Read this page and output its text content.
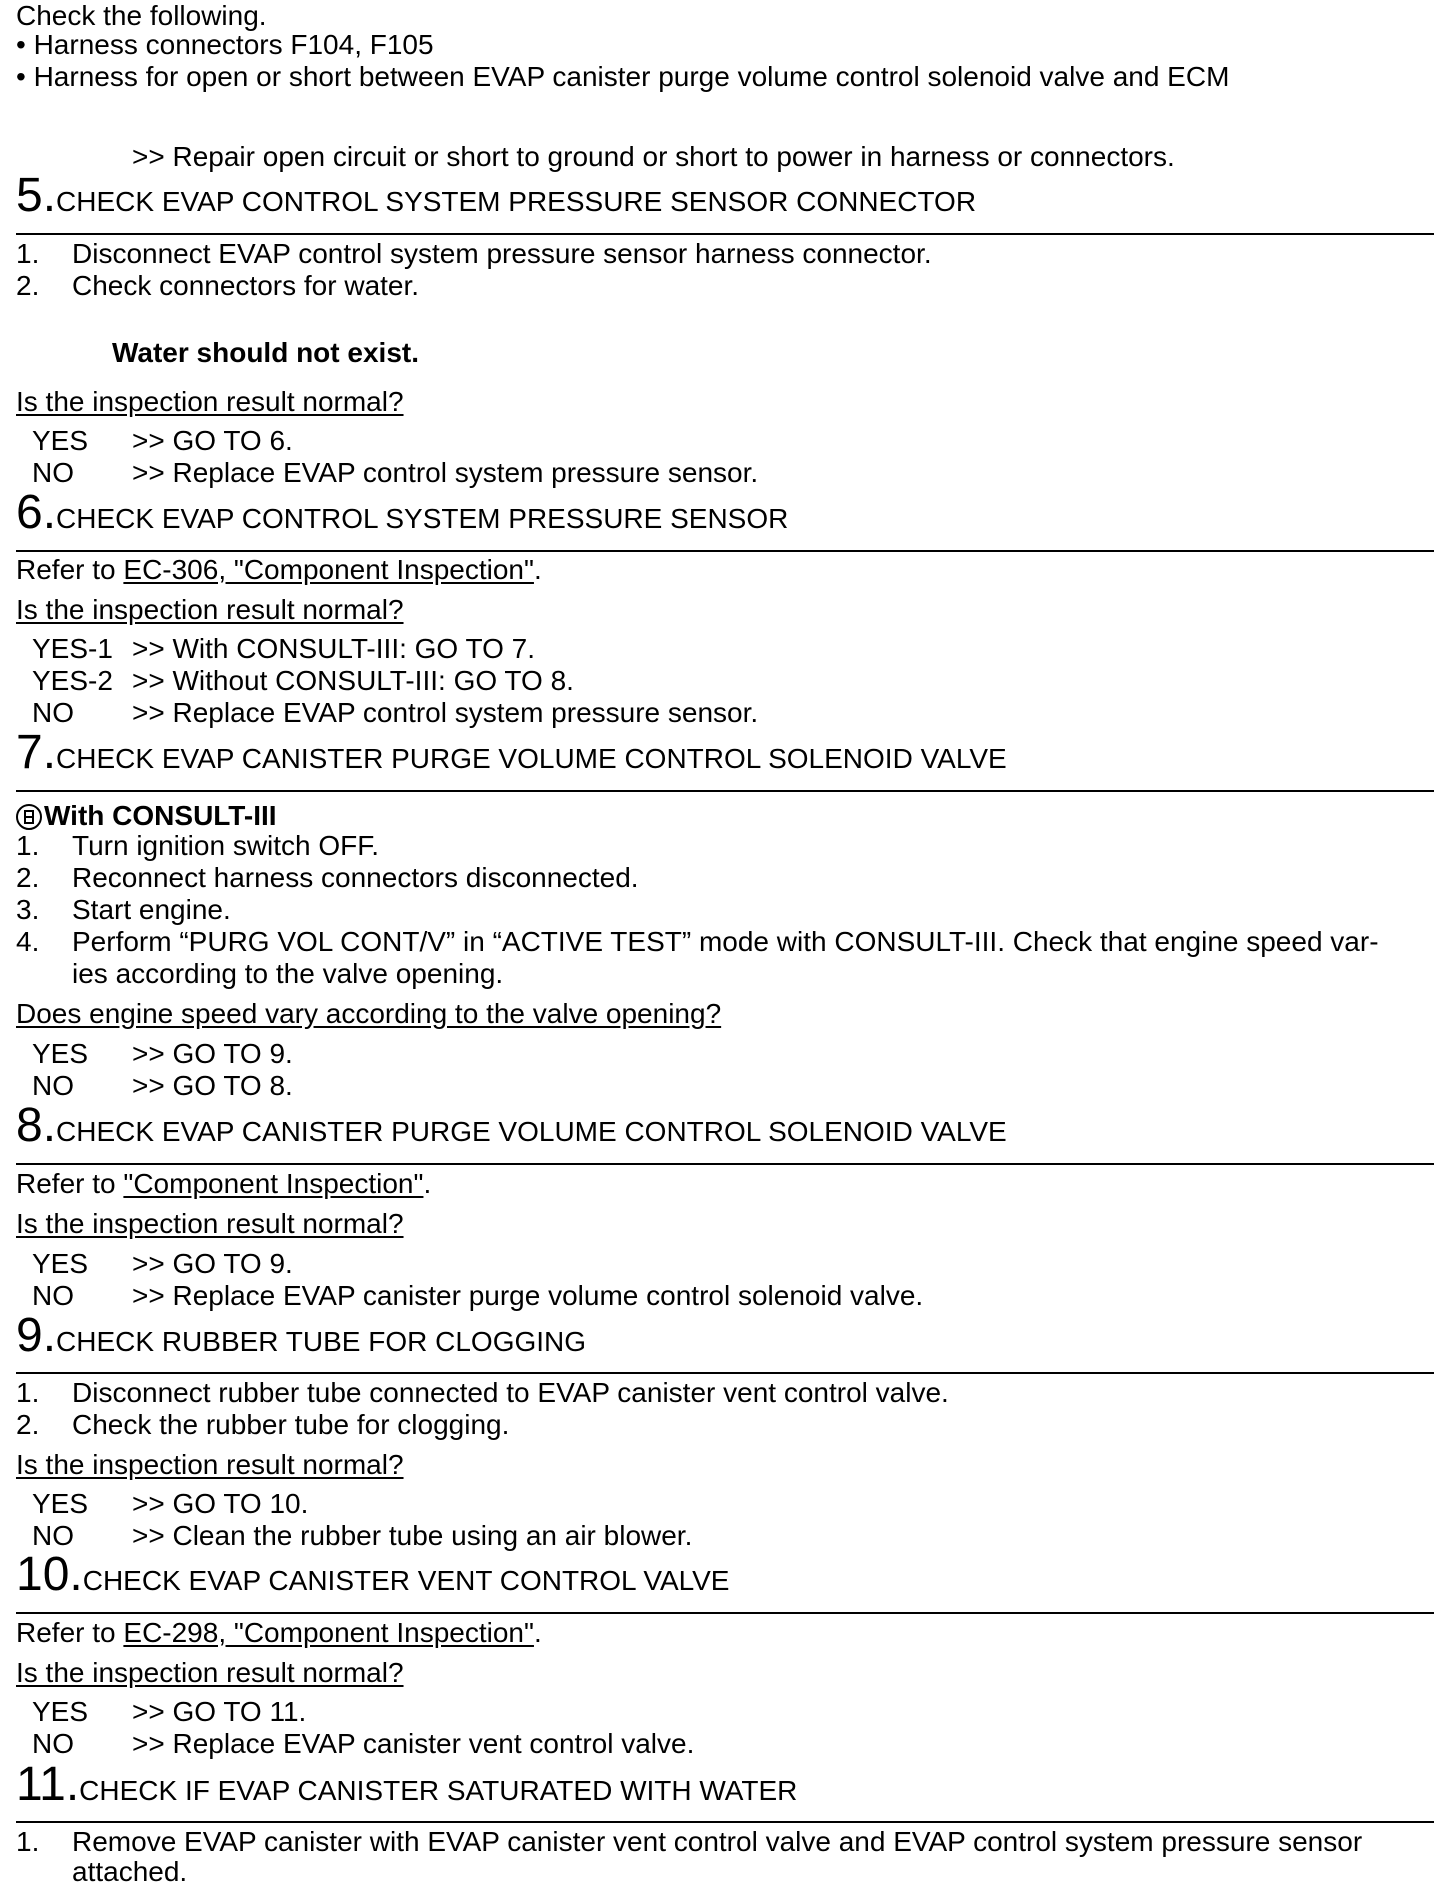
Check the following.
• Harness connectors F104, F105
• Harness for open or short between EVAP canister purge volume control solenoid valve and ECM
>> Repair open circuit or short to ground or short to power in harness or connectors.
5.CHECK EVAP CONTROL SYSTEM PRESSURE SENSOR CONNECTOR
1. Disconnect EVAP control system pressure sensor harness connector.
2. Check connectors for water.
Water should not exist.
Is the inspection result normal?
YES >> GO TO 6.
NO >> Replace EVAP control system pressure sensor.
6.CHECK EVAP CONTROL SYSTEM PRESSURE SENSOR
Refer to EC-306, "Component Inspection".
Is the inspection result normal?
YES-1 >> With CONSULT-III: GO TO 7.
YES-2 >> Without CONSULT-III: GO TO 8.
NO >> Replace EVAP control system pressure sensor.
7.CHECK EVAP CANISTER PURGE VOLUME CONTROL SOLENOID VALVE
With CONSULT-III
1. Turn ignition switch OFF.
2. Reconnect harness connectors disconnected.
3. Start engine.
4. Perform “PURG VOL CONT/V” in “ACTIVE TEST” mode with CONSULT-III. Check that engine speed var-
ies according to the valve opening.
Does engine speed vary according to the valve opening?
YES >> GO TO 9.
NO >> GO TO 8.
8.CHECK EVAP CANISTER PURGE VOLUME CONTROL SOLENOID VALVE
Refer to "Component Inspection".
Is the inspection result normal?
YES >> GO TO 9.
NO >> Replace EVAP canister purge volume control solenoid valve.
9.CHECK RUBBER TUBE FOR CLOGGING
1. Disconnect rubber tube connected to EVAP canister vent control valve.
2. Check the rubber tube for clogging.
Is the inspection result normal?
YES >> GO TO 10.
NO >> Clean the rubber tube using an air blower.
10.CHECK EVAP CANISTER VENT CONTROL VALVE
Refer to EC-298, "Component Inspection".
Is the inspection result normal?
YES >> GO TO 11.
NO >> Replace EVAP canister vent control valve.
11.CHECK IF EVAP CANISTER SATURATED WITH WATER
1. Remove EVAP canister with EVAP canister vent control valve and EVAP control system pressure sensor
attached.
